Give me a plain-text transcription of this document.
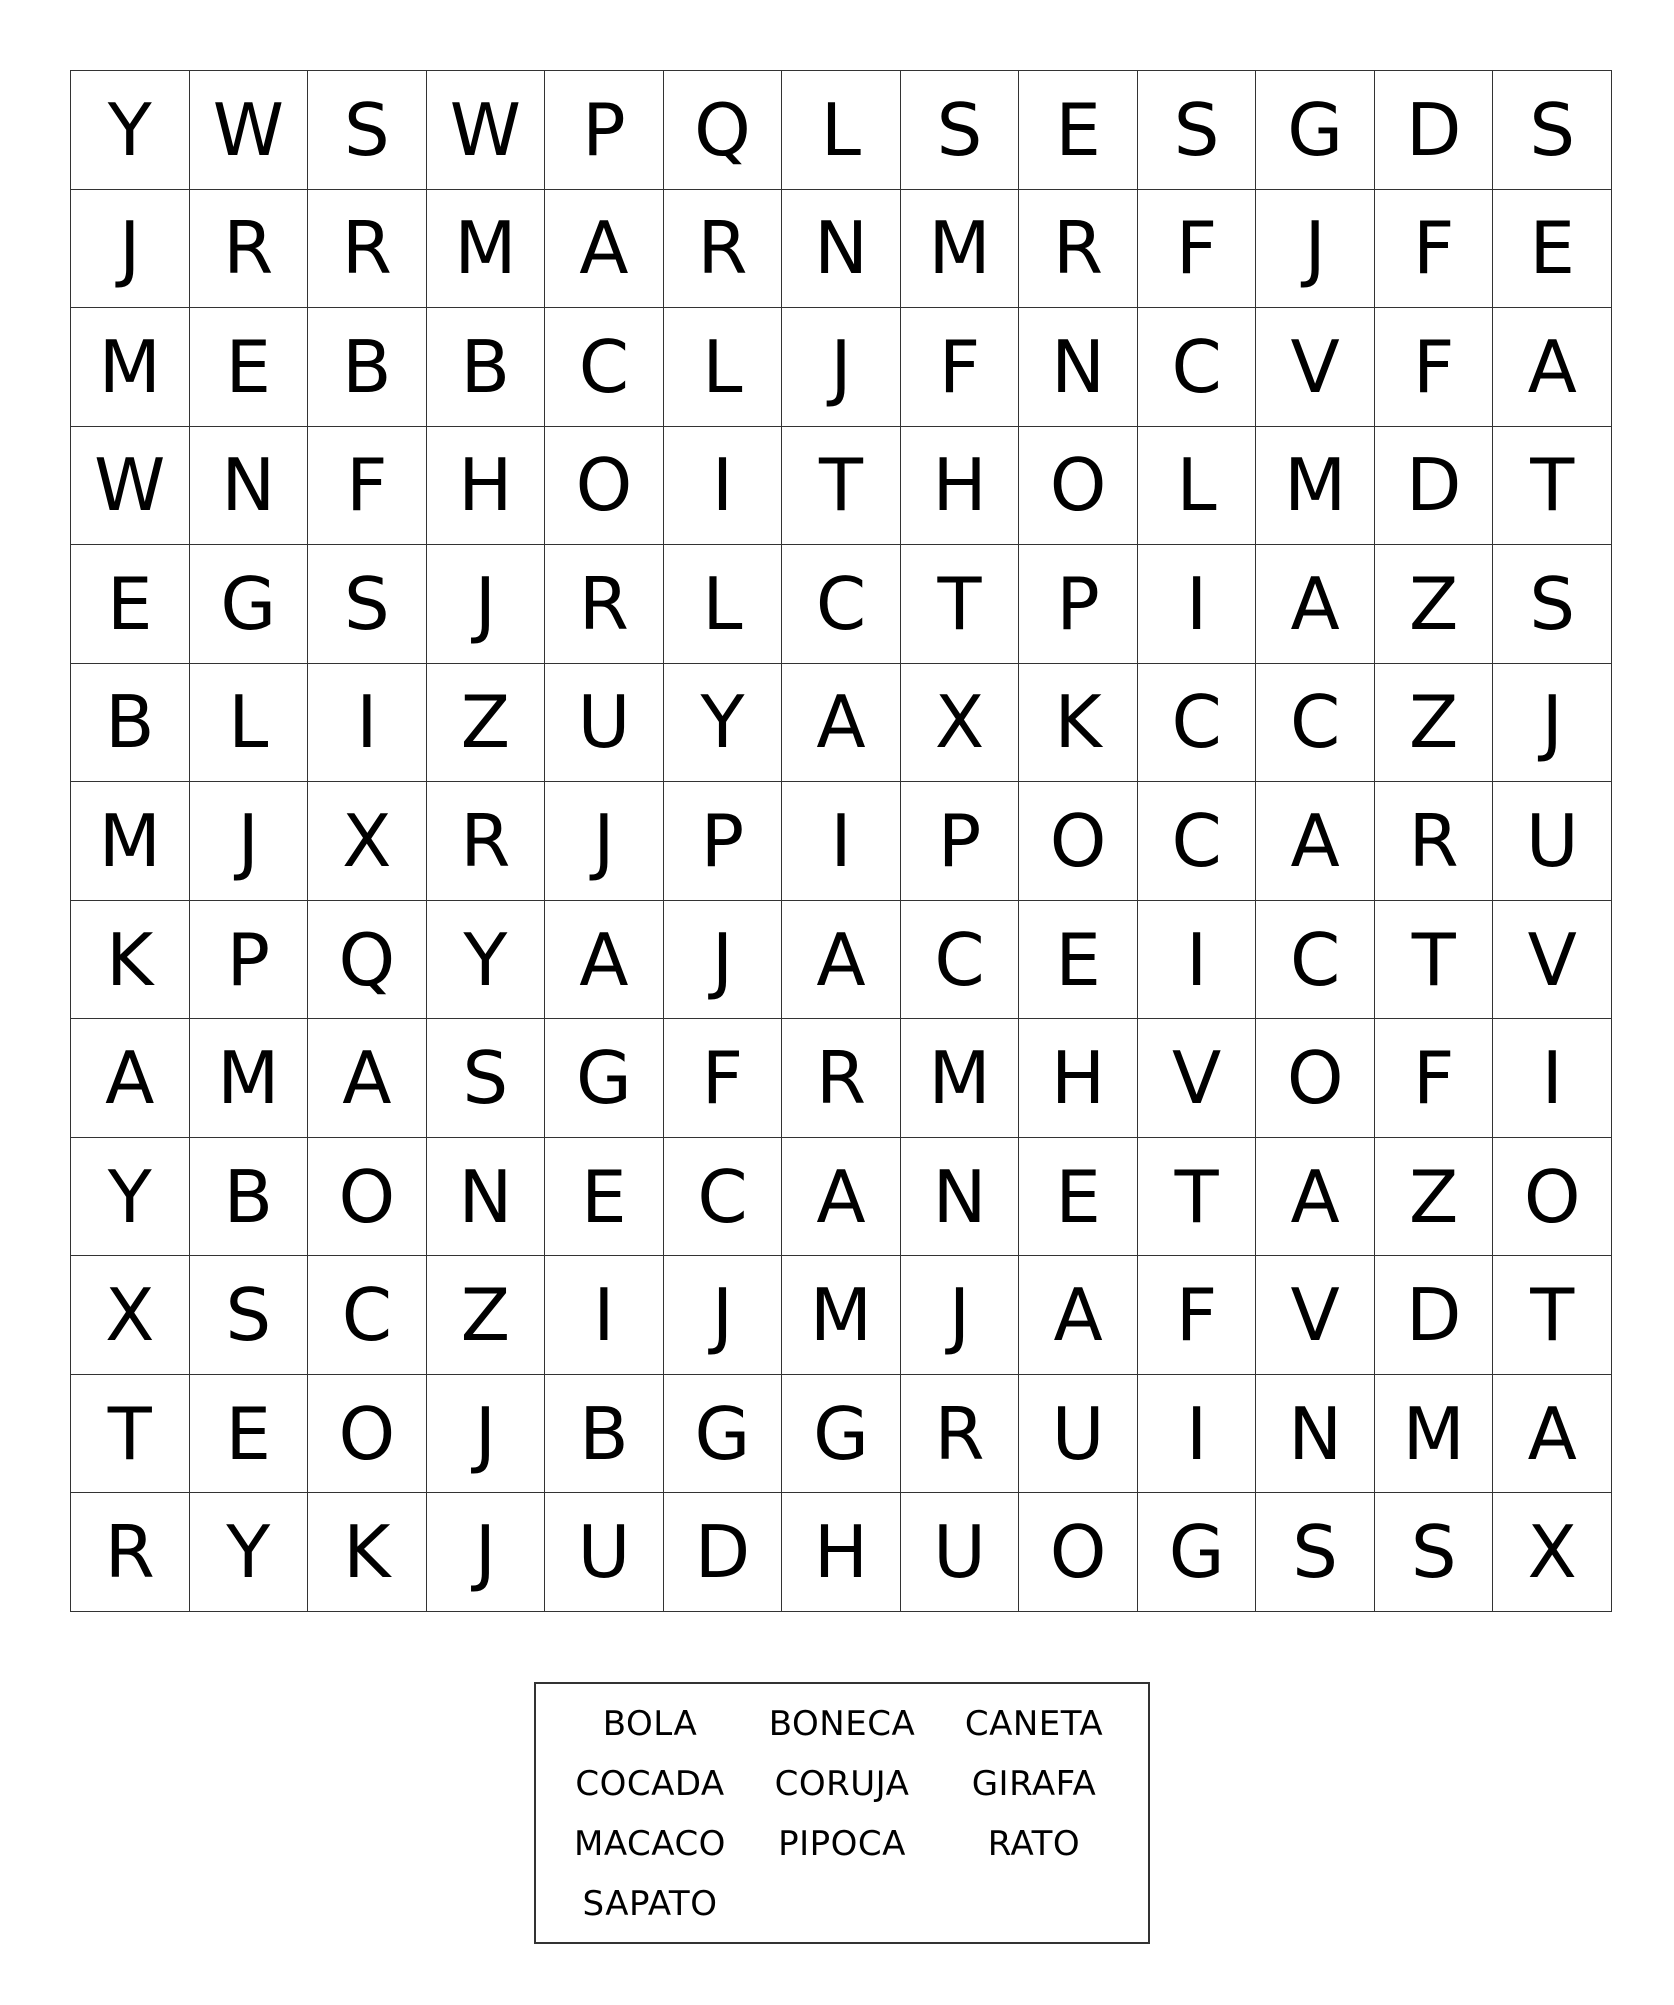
Y W S W P Q L	S	E	S G D S
J	R R M A R N M R	F	J	F	E
M E B B C	L	J	F N C V	F	A
W N F H O	I	T H O L M D T
E G S	J	R	L	C T	P	I	A Z S
B	L	I	Z U Y A X K C C Z	J
M	J	X R	J	P	I	P O C A R U
K	P Q Y A	J	A C E	I	C T V
A M A S G F	R M H V O F	I
Y B O N E C A N E	T A Z O
X S C Z	I	J	M	J	A	F	V D T
T	E O	J	B G G R U	I	N M A
R Y	K	J	U D H U O G S	S X
BOLA	BONECA	CANETA
COCADA	CORUJA	GIRAFA
MACACO	PIPOCA	RATO
SAPATO
